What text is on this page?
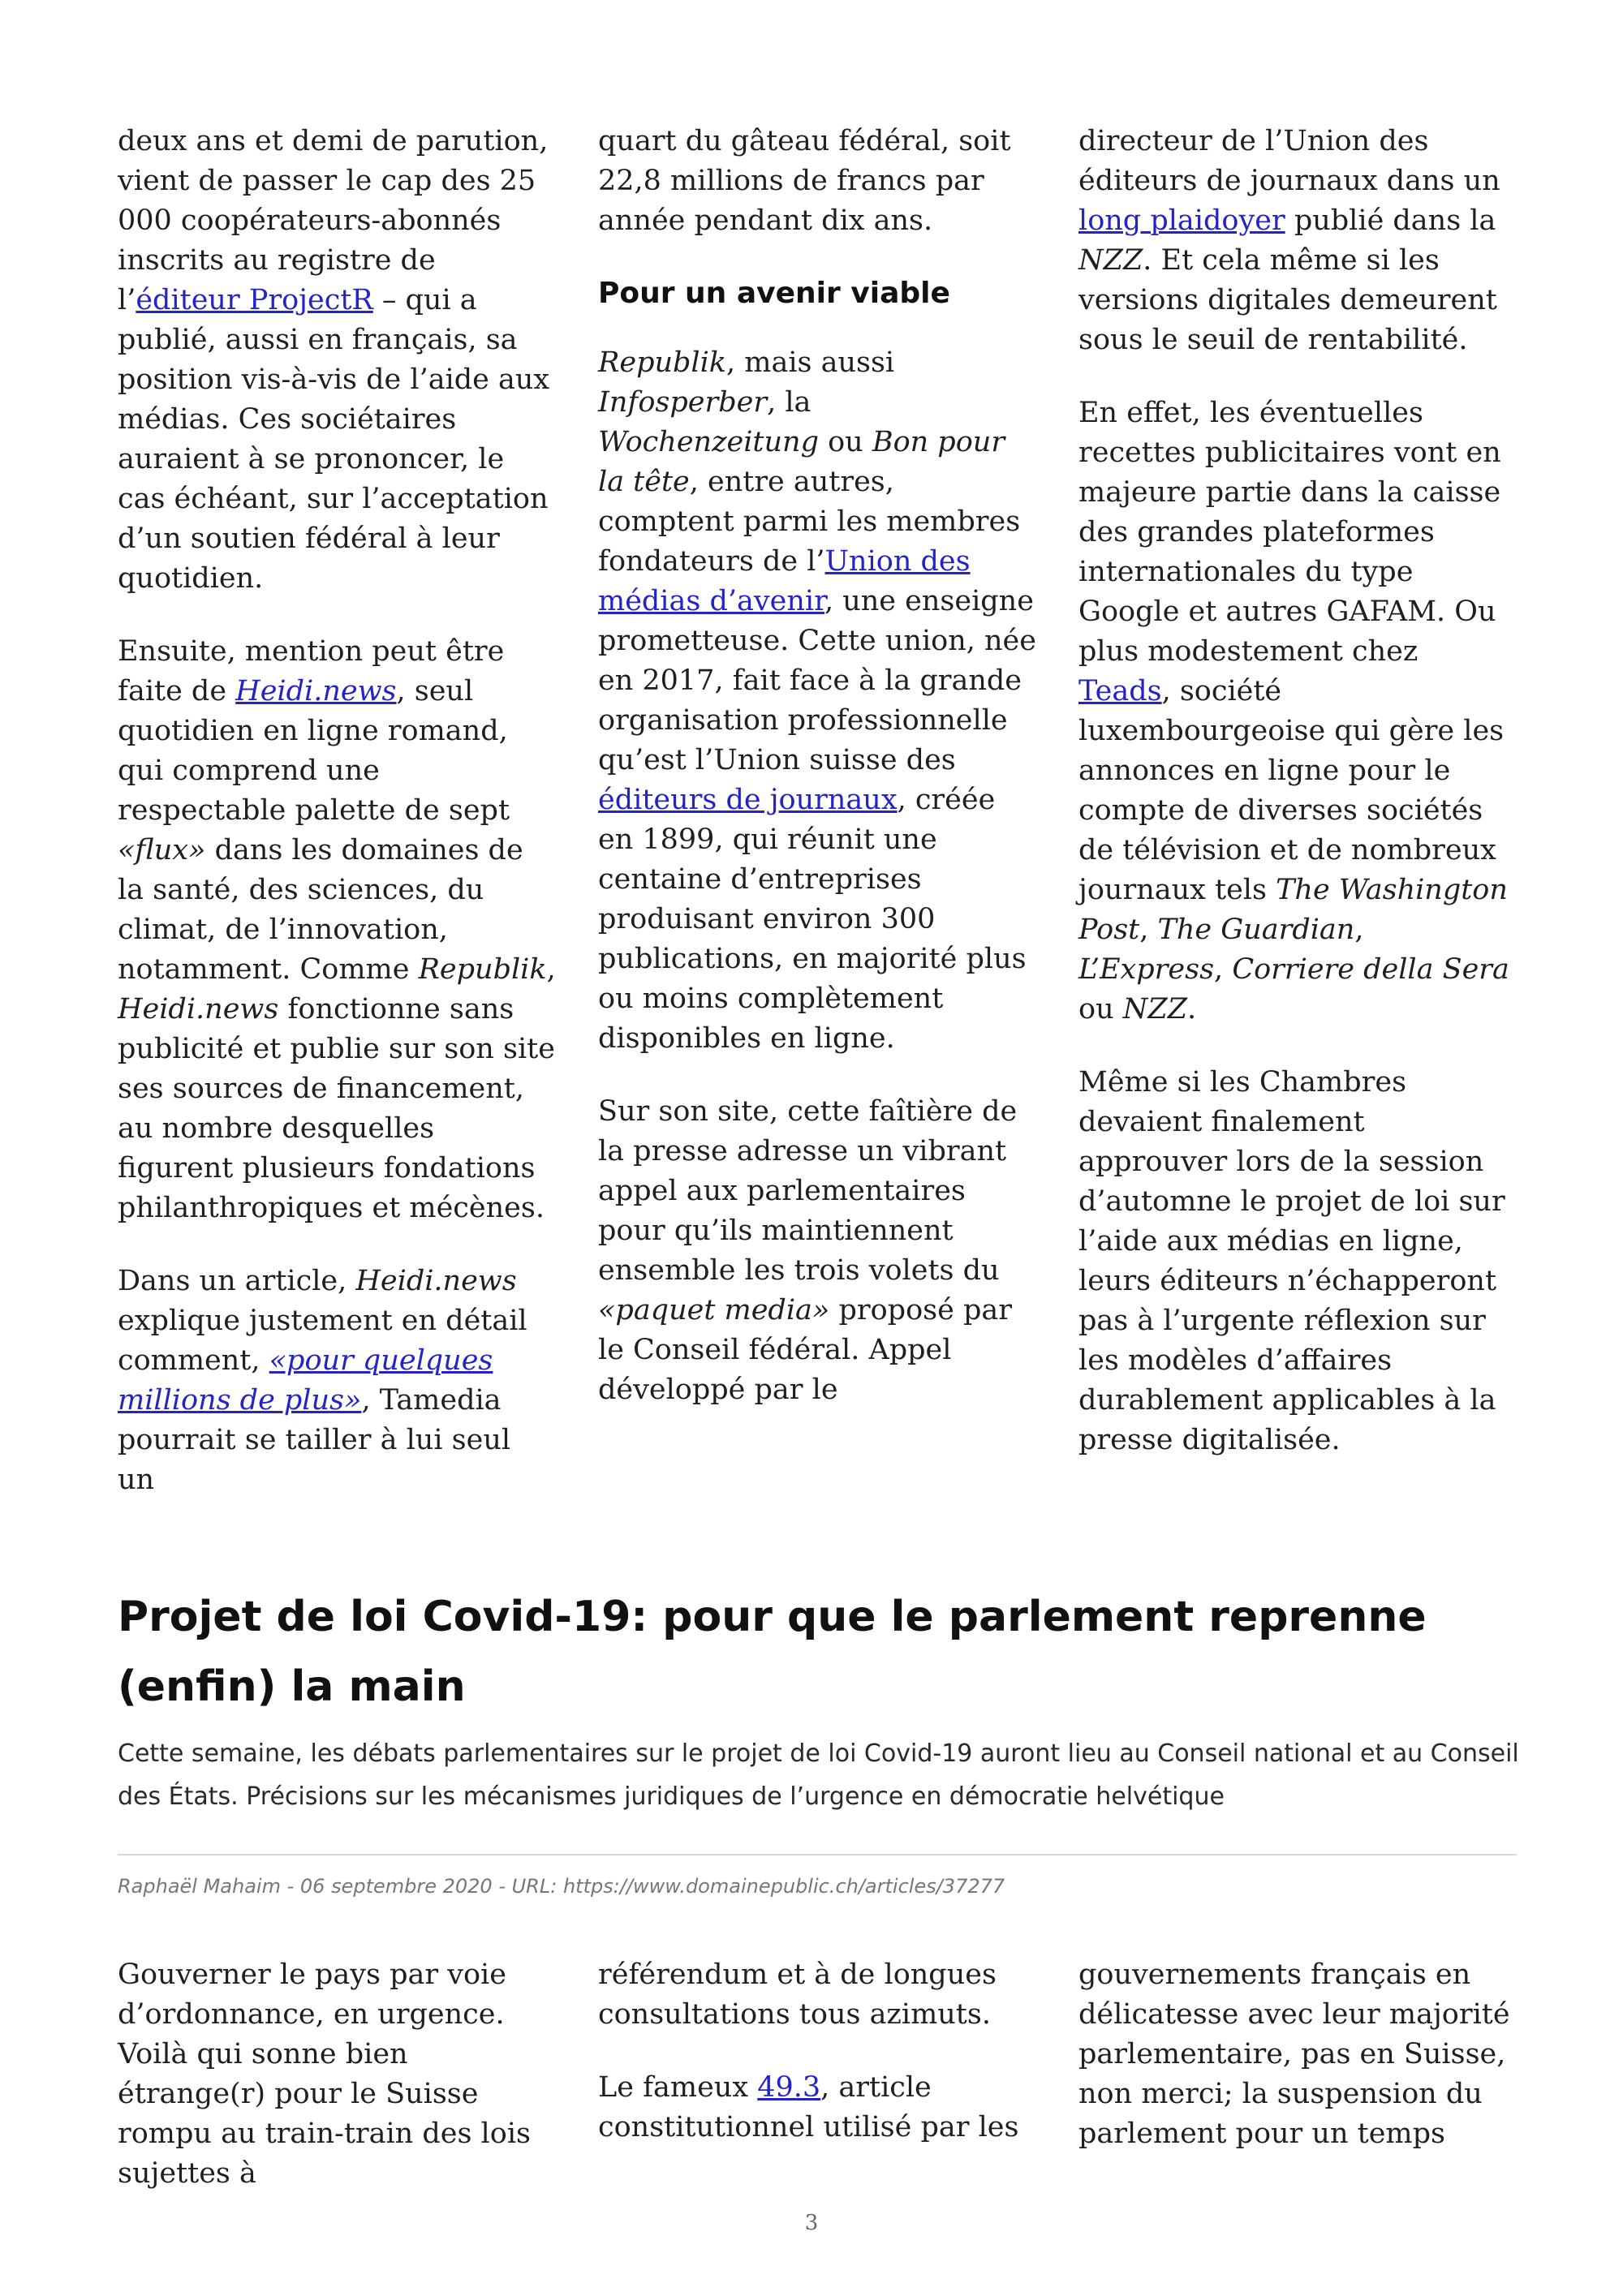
deux ans et demi de parution, vient de passer le cap des 25 000 coopérateurs-abonnés inscrits au registre de l’éditeur ProjectR – qui a publié, aussi en français, sa position vis-à-vis de l’aide aux médias. Ces sociétaires auraient à se prononcer, le cas échéant, sur l’acceptation d’un soutien fédéral à leur quotidien.

Ensuite, mention peut être faite de Heidi.news, seul quotidien en ligne romand, qui comprend une respectable palette de sept «flux» dans les domaines de la santé, des sciences, du climat, de l’innovation, notamment. Comme Republik, Heidi.news fonctionne sans publicité et publie sur son site ses sources de financement, au nombre desquelles figurent plusieurs fondations philanthropiques et mécènes.

Dans un article, Heidi.news explique justement en détail comment, «pour quelques millions de plus», Tamedia pourrait se tailler à lui seul un

quart du gâteau fédéral, soit 22,8 millions de francs par année pendant dix ans.

Pour un avenir viable

Republik, mais aussi Infosperber, la Wochenzeitung ou Bon pour la tête, entre autres, comptent parmi les membres fondateurs de l’Union des médias d’avenir, une enseigne prometteuse. Cette union, née en 2017, fait face à la grande organisation professionnelle qu’est l’Union suisse des éditeurs de journaux, créée en 1899, qui réunit une centaine d’entreprises produisant environ 300 publications, en majorité plus ou moins complètement disponibles en ligne.

Sur son site, cette faîtière de la presse adresse un vibrant appel aux parlementaires pour qu’ils maintiennent ensemble les trois volets du «paquet media» proposé par le Conseil fédéral. Appel développé par le

directeur de l’Union des éditeurs de journaux dans un long plaidoyer publié dans la NZZ. Et cela même si les versions digitales demeurent sous le seuil de rentabilité.

En effet, les éventuelles recettes publicitaires vont en majeure partie dans la caisse des grandes plateformes internationales du type Google et autres GAFAM. Ou plus modestement chez Teads, société luxembourgeoise qui gère les annonces en ligne pour le compte de diverses sociétés de télévision et de nombreux journaux tels The Washington Post, The Guardian, L’Express, Corriere della Sera ou NZZ.

Même si les Chambres devaient finalement approuver lors de la session d’automne le projet de loi sur l’aide aux médias en ligne, leurs éditeurs n’échapperont pas à l’urgente réflexion sur les modèles d’affaires durablement applicables à la presse digitalisée.

Projet de loi Covid-19: pour que le parlement reprenne (enfin) la main

Cette semaine, les débats parlementaires sur le projet de loi Covid-19 auront lieu au Conseil national et au Conseil des États. Précisions sur les mécanismes juridiques de l’urgence en démocratie helvétique

Raphaël Mahaim - 06 septembre 2020 - URL: https://www.domainepublic.ch/articles/37277

Gouverner le pays par voie d’ordonnance, en urgence. Voilà qui sonne bien étrange(r) pour le Suisse rompu au train-train des lois sujettes à

référendum et à de longues consultations tous azimuts.

Le fameux 49.3, article constitutionnel utilisé par les

gouvernements français en délicatesse avec leur majorité parlementaire, pas en Suisse, non merci; la suspension du parlement pour un temps

3
